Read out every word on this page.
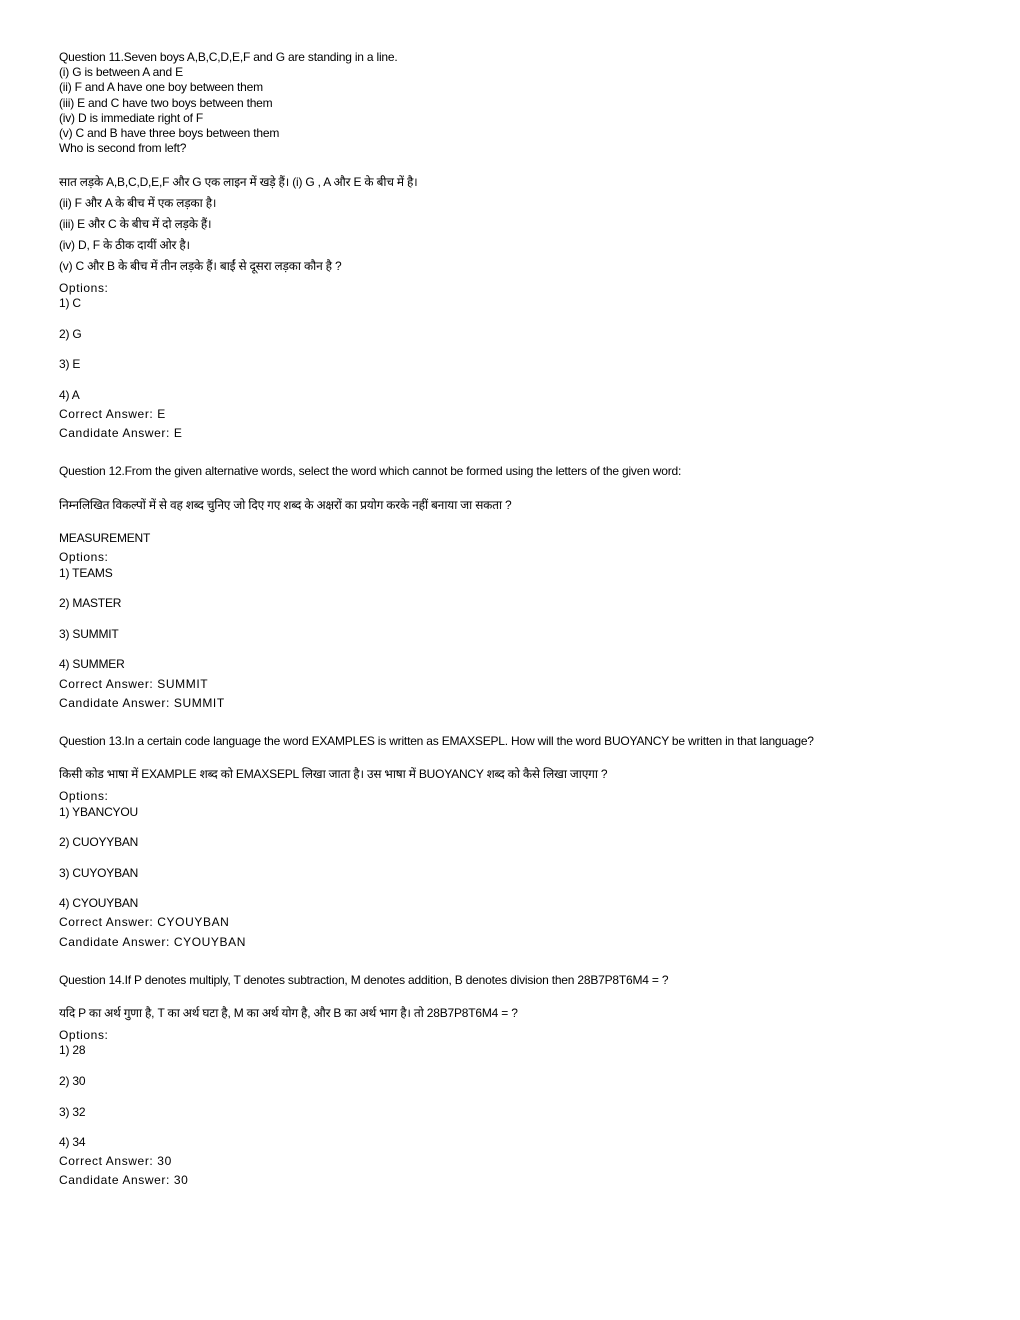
Question 11.Seven boys A,B,C,D,E,F and G are standing in a line.
(i) G is between A and E
(ii) F and A have one boy between them
(iii) E and C have two boys between them
(iv) D is immediate right of F
(v) C and B have three boys between them
Who is second from left?
सात लड़के A,B,C,D,E,F और G एक लाइन में खड़े हैं। (i) G , A और E के बीच में है।
(ii) F और A के बीच में एक लड़का है।
(iii) E और C के बीच में दो लड़के हैं।
(iv) D, F के ठीक दायीं ओर है।
(v) C और B के बीच में तीन लड़के हैं। बाईं से दूसरा लड़का कौन है ?
Options:
1) C
2) G
3) E
4) A
Correct Answer: E
Candidate Answer: E
Question 12.From the given alternative words, select the word which cannot be formed using the letters of the given word:
निम्नलिखित विकल्पों में से वह शब्द चुनिए जो दिए गए शब्द के अक्षरों का प्रयोग करके नहीं बनाया जा सकता ?
MEASUREMENT
Options:
1) TEAMS
2) MASTER
3) SUMMIT
4) SUMMER
Correct Answer: SUMMIT
Candidate Answer: SUMMIT
Question 13.In a certain code language the word EXAMPLES is written as EMAXSEPL. How will the word BUOYANCY be written in that language?
किसी कोड भाषा में EXAMPLE शब्द को EMAXSEPL लिखा जाता है। उस भाषा में BUOYANCY शब्द को कैसे लिखा जाएगा ?
Options:
1) YBANCYOU
2) CUOYYBAN
3) CUYOYBAN
4) CYOUYBAN
Correct Answer: CYOUYBAN
Candidate Answer: CYOUYBAN
Question 14.If P denotes multiply, T denotes subtraction, M denotes addition, B denotes division then 28B7P8T6M4 = ?
यदि P का अर्थ गुणा है, T का अर्थ घटा है, M का अर्थ योग है, और B का अर्थ भाग है। तो 28B7P8T6M4 = ?
Options:
1) 28
2) 30
3) 32
4) 34
Correct Answer: 30
Candidate Answer: 30
